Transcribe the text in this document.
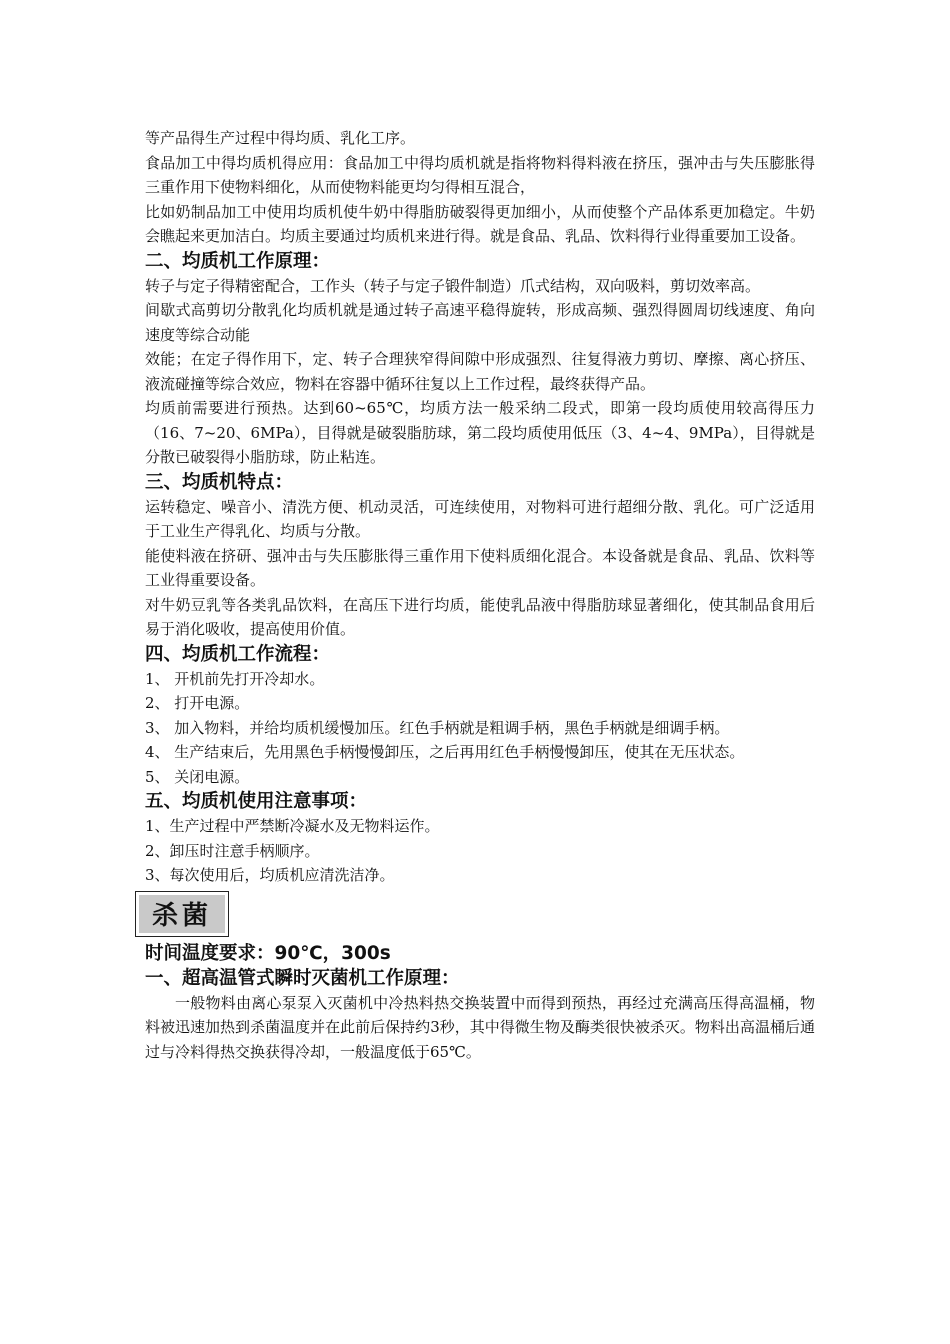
等产品得生产过程中得均质、乳化工序。

食品加工中得均质机得应用：食品加工中得均质机就是指将物料得料液在挤压，强冲击与失压膨胀得三重作用下使物料细化，从而使物料能更均匀得相互混合，

比如奶制品加工中使用均质机使牛奶中得脂肪破裂得更加细小，从而使整个产品体系更加稳定。牛奶会瞧起来更加洁白。均质主要通过均质机来进行得。就是食品、乳品、饮料得行业得重要加工设备。

二、均质机工作原理：

转子与定子得精密配合，工作头（转子与定子锻件制造）爪式结构，双向吸料，剪切效率高。

间歇式高剪切分散乳化均质机就是通过转子高速平稳得旋转，形成高频、强烈得圆周切线速度、角向速度等综合动能

效能；在定子得作用下，定、转子合理狭窄得间隙中形成强烈、往复得液力剪切、摩擦、离心挤压、液流碰撞等综合效应，物料在容器中循环往复以上工作过程，最终获得产品。

均质前需要进行预热。达到60~65℃，均质方法一般采纳二段式，即第一段均质使用较高得压力（16、7~20、6MPa），目得就是破裂脂肪球，第二段均质使用低压（3、4~4、9MPa），目得就是分散已破裂得小脂肪球，防止粘连。

三、均质机特点：

运转稳定、噪音小、清洗方便、机动灵活，可连续使用，对物料可进行超细分散、乳化。可广泛适用于工业生产得乳化、均质与分散。

能使料液在挤研、强冲击与失压膨胀得三重作用下使料质细化混合。本设备就是食品、乳品、饮料等工业得重要设备。

对牛奶豆乳等各类乳品饮料，在高压下进行均质，能使乳品液中得脂肪球显著细化，使其制品食用后易于消化吸收，提高使用价值。

四、均质机工作流程：

1、 开机前先打开冷却水。

2、 打开电源。

3、 加入物料，并给均质机缓慢加压。红色手柄就是粗调手柄，黑色手柄就是细调手柄。

4、 生产结束后，先用黑色手柄慢慢卸压，之后再用红色手柄慢慢卸压，使其在无压状态。

5、 关闭电源。

五、均质机使用注意事项：

1、生产过程中严禁断冷凝水及无物料运作。

2、卸压时注意手柄顺序。

3、每次使用后，均质机应清洗洁净。

杀菌
时间温度要求：90℃，300s
一、超高温管式瞬时灭菌机工作原理：

一般物料由离心泵泵入灭菌机中冷热料热交换装置中而得到预热，再经过充满高压得高温桶，物料被迅速加热到杀菌温度并在此前后保持约3秒，其中得微生物及酶类很快被杀灭。物料出高温桶后通过与冷料得热交换获得冷却，一般温度低于65℃。
